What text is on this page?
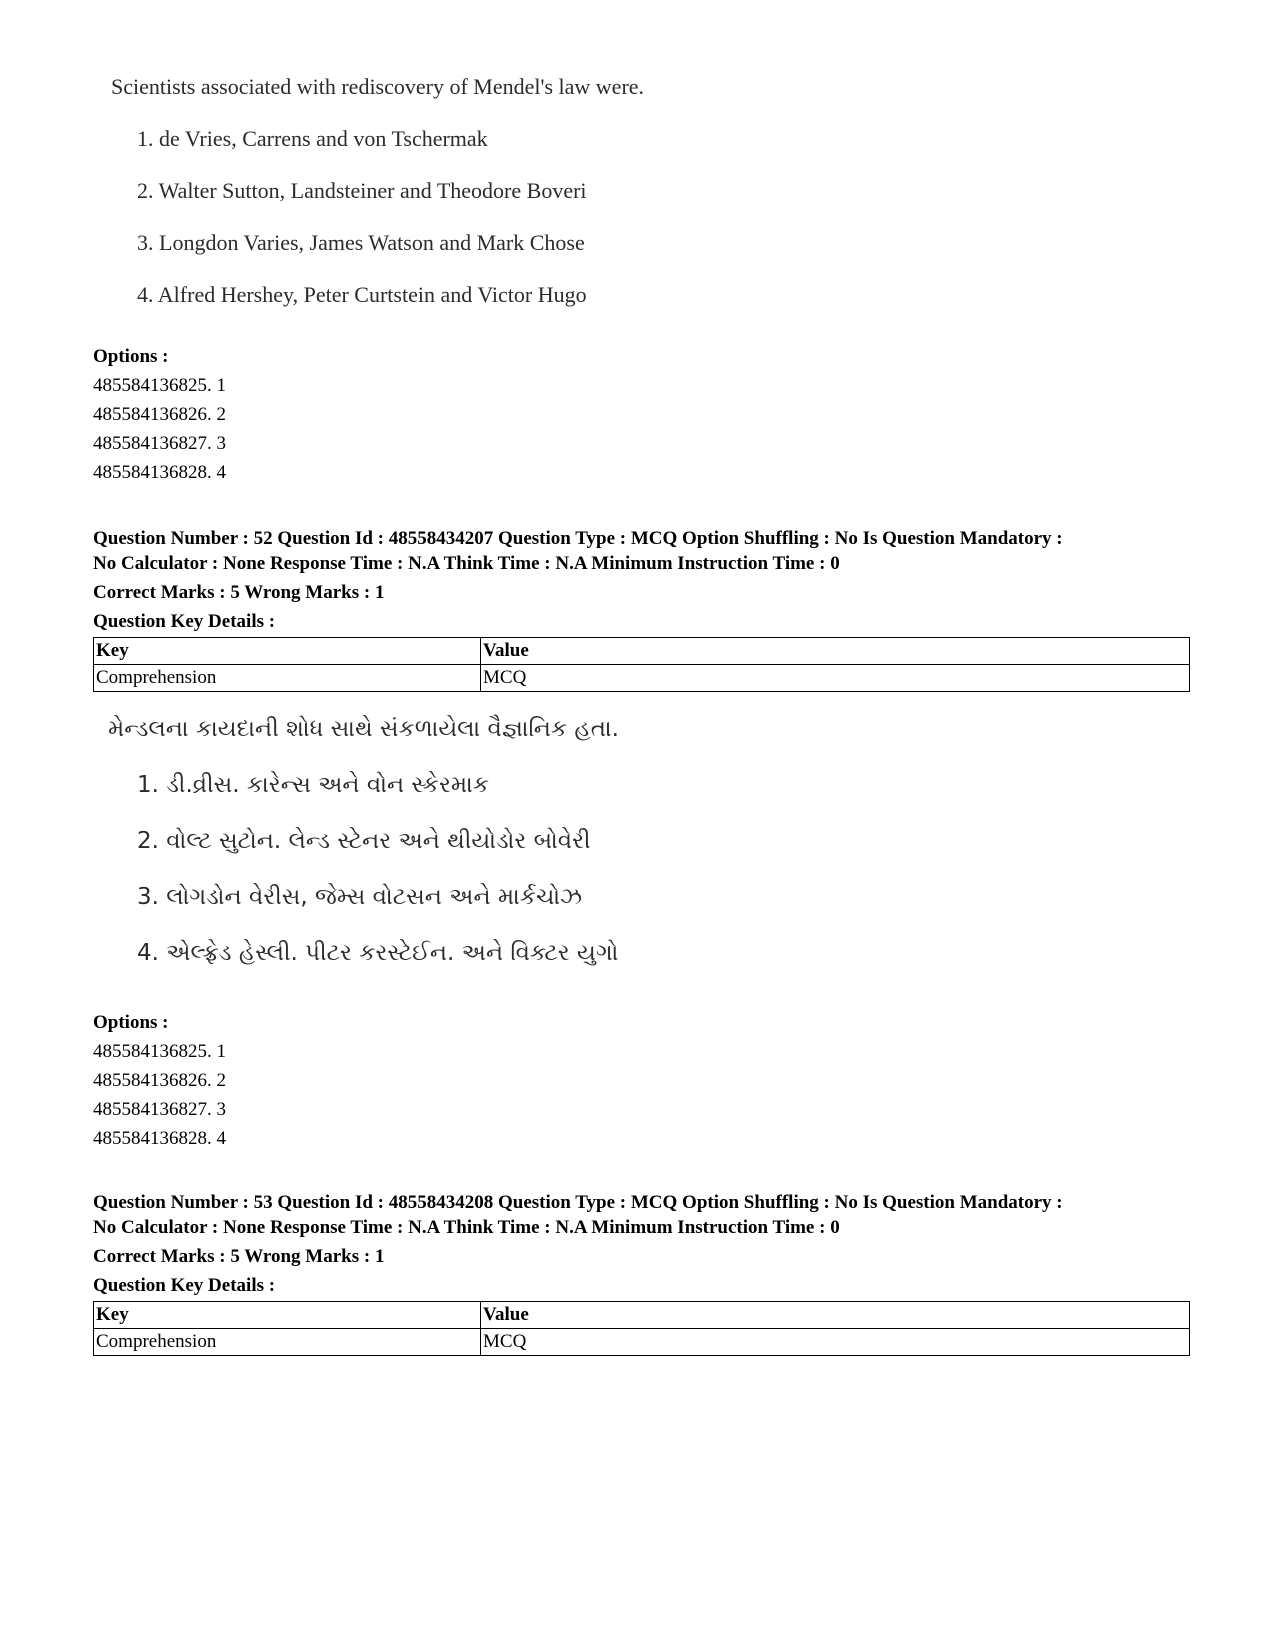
Scientists associated with rediscovery of Mendel's law were.
1. de Vries, Carrens and von Tschermak
2. Walter Sutton, Landsteiner and Theodore Boveri
3. Longdon Varies, James Watson and Mark Chose
4. Alfred Hershey, Peter Curtstein and Victor Hugo
Options :
485584136825. 1
485584136826. 2
485584136827. 3
485584136828. 4

Question Number : 52 Question Id : 48558434207 Question Type : MCQ Option Shuffling : No Is Question Mandatory :

No Calculator : None Response Time : N.A Think Time : N.A Minimum Instruction Time : 0

Correct Marks : 5 Wrong Marks : 1

Question Key Details :

Key	Value
Comprehension	MCQ
મેન્ડલના કાયદાની શોધ સાથે સંકળાયેલા વૈજ્ઞાનિક હતા.
1. ડી.વ્રીસ. કારેન્સ અને વોન સ્કેરમાક
2. વોલ્ટ સુટોન. લેન્ડ સ્ટેનર અને થીયોડોર બોવેરી
3. લોગડોન વેરીસ, જેમ્સ વોટસન અને માર્કચોઝ
4. એલ્ફ્રેડ હેસ્લી. પીટર કરસ્ટેઈન. અને વિક્ટર યુગો
Options :
485584136825. 1
485584136826. 2
485584136827. 3
485584136828. 4

Question Number : 53 Question Id : 48558434208 Question Type : MCQ Option Shuffling : No Is Question Mandatory :

No Calculator : None Response Time : N.A Think Time : N.A Minimum Instruction Time : 0

Correct Marks : 5 Wrong Marks : 1

Question Key Details :

Key	Value
Comprehension	MCQ
